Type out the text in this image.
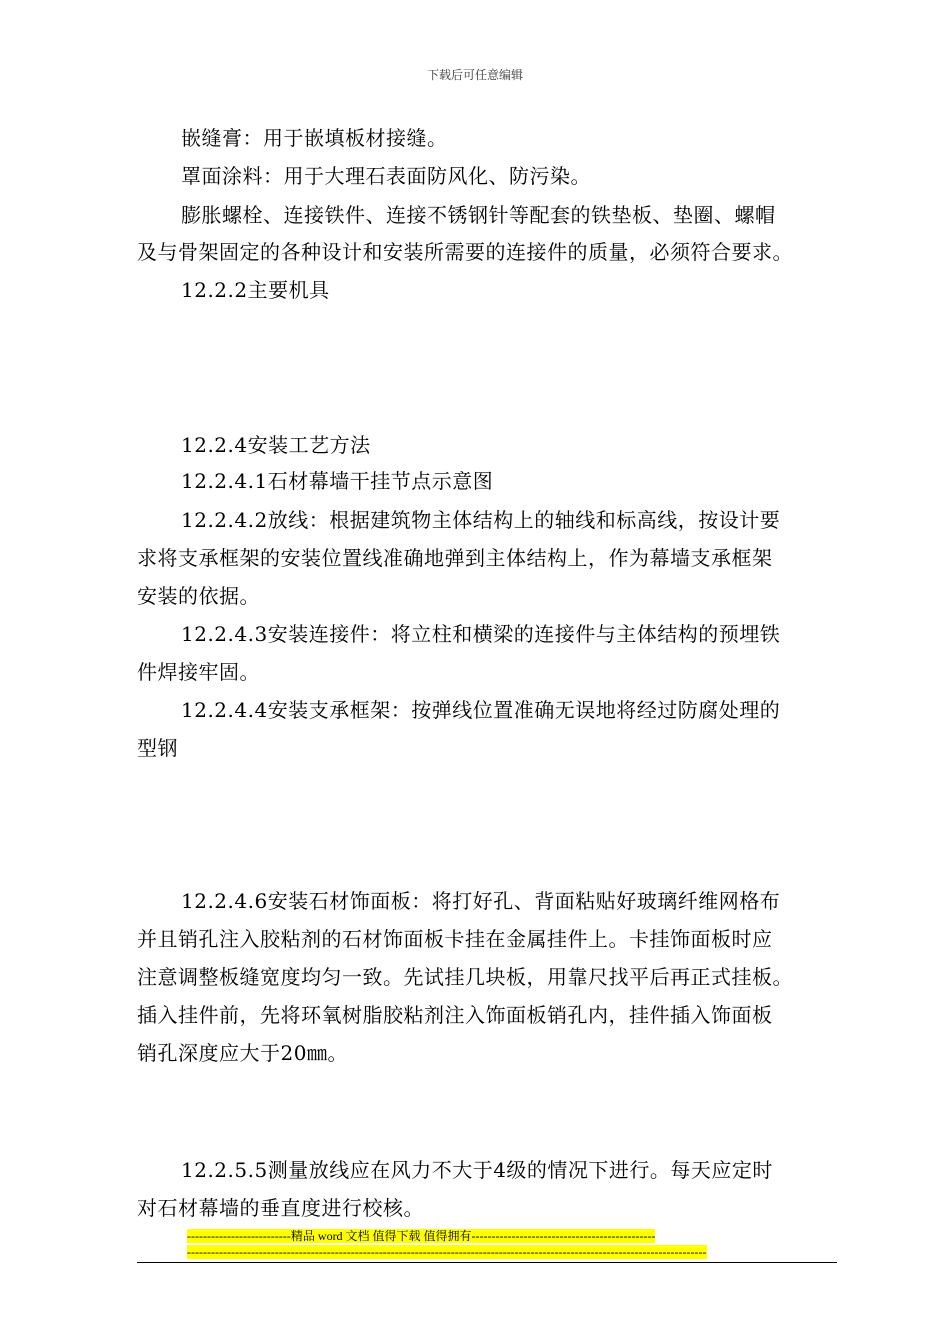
下载后可任意编辑
嵌缝膏：用于嵌填板材接缝。
罩面涂料：用于大理石表面防风化、防污染。
膨胀螺栓、连接铁件、连接不锈钢针等配套的铁垫板、垫圈、螺帽
及与骨架固定的各种设计和安装所需要的连接件的质量，必须符合要求。
12.2.2主要机具
12.2.4安装工艺方法
12.2.4.1石材幕墙干挂节点示意图
12.2.4.2放线：根据建筑物主体结构上的轴线和标高线，按设计要
求将支承框架的安装位置线准确地弹到主体结构上，作为幕墙支承框架
安装的依据。
12.2.4.3安装连接件：将立柱和横梁的连接件与主体结构的预埋铁
件焊接牢固。
12.2.4.4安装支承框架：按弹线位置准确无误地将经过防腐处理的
型钢
12.2.4.6安装石材饰面板：将打好孔、背面粘贴好玻璃纤维网格布
并且销孔注入胶粘剂的石材饰面板卡挂在金属挂件上。卡挂饰面板时应
注意调整板缝宽度均匀一致。先试挂几块板，用靠尺找平后再正式挂板。
插入挂件前，先将环氧树脂胶粘剂注入饰面板销孔内，挂件插入饰面板
销孔深度应大于20㎜。
12.2.5.5测量放线应在风力不大于4级的情况下进行。每天应定时
对石材幕墙的垂直度进行校核。
--------------------------精品 word 文档 值得下载 值得拥有----------------------------------------------
----------------------------------------------------------------------------------------------------------------------------------
